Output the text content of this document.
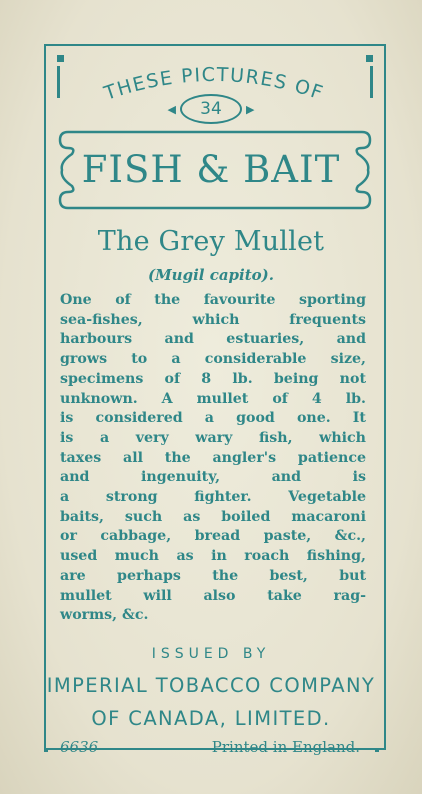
THESE PICTURES OF
◀	34	▶
FISH & BAIT
The Grey Mullet
(Mugil capito).
One of the favourite sporting
sea-fishes, which frequents
harbours and estuaries, and
grows to a considerable size,
specimens of 8 lb. being not
unknown. A mullet of 4 lb.
is considered a good one. It
is a very wary fish, which
taxes all the angler's patience
and ingenuity, and is
a strong fighter. Vegetable
baits, such as boiled macaroni
or cabbage, bread paste, &c.,
used much as in roach fishing,
are perhaps the best, but
mullet will also take rag-
worms, &c.
ISSUED BY
IMPERIAL TOBACCO COMPANY
OF CANADA, LIMITED.
6636	Printed in England.
